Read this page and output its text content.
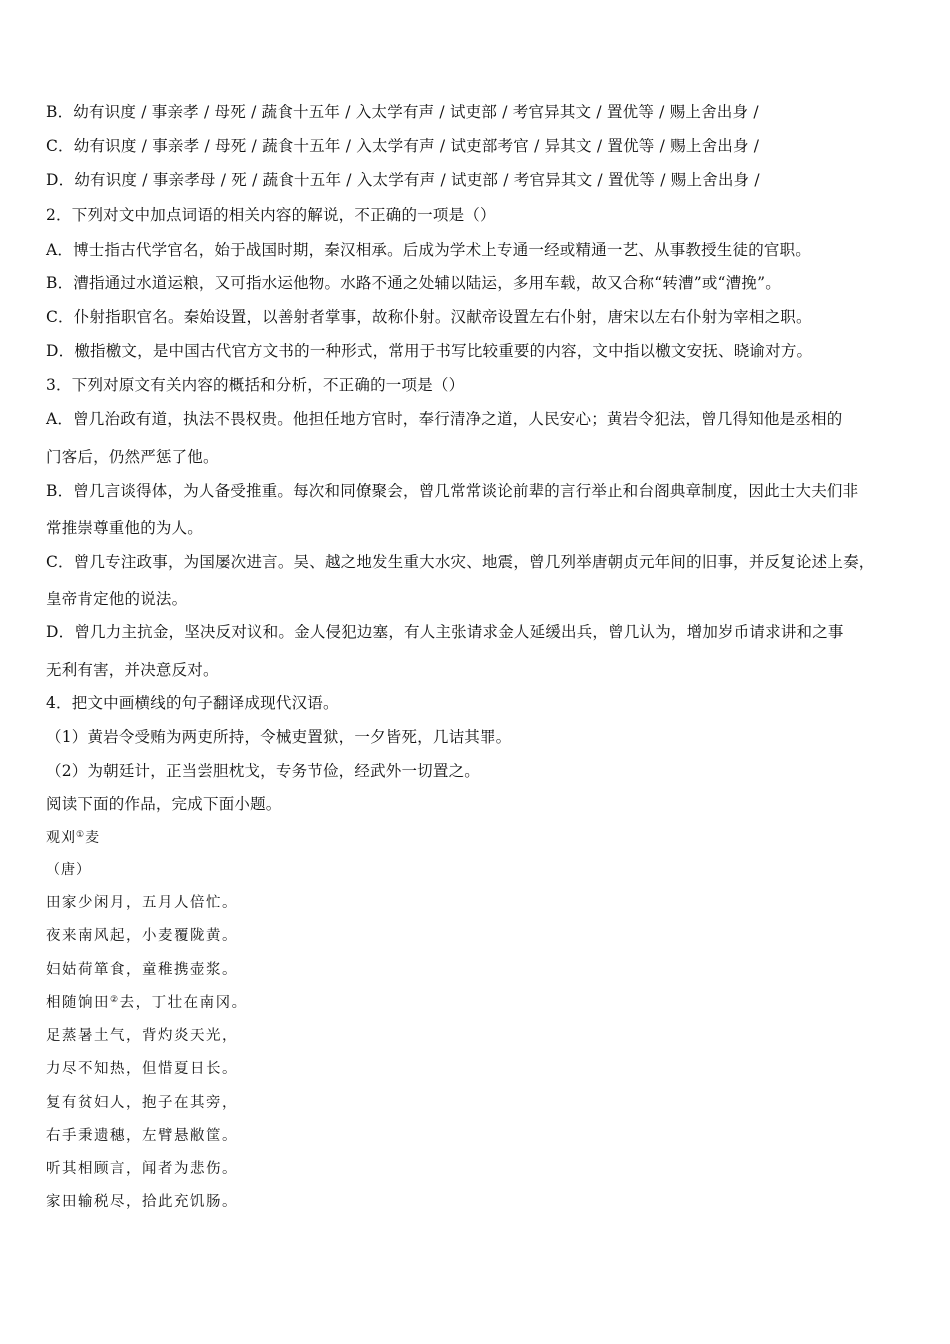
B．幼有识度 / 事亲孝 / 母死 / 蔬食十五年 / 入太学有声 / 试吏部 / 考官异其文 / 置优等 / 赐上舍出身 /
C．幼有识度 / 事亲孝 / 母死 / 蔬食十五年 / 入太学有声 / 试吏部考官 / 异其文 / 置优等 / 赐上舍出身 /
D．幼有识度 / 事亲孝母 / 死 / 蔬食十五年 / 入太学有声 / 试吏部 / 考官异其文 / 置优等 / 赐上舍出身 /
2．下列对文中加点词语的相关内容的解说，不正确的一项是（）
A．博士指古代学官名，始于战国时期，秦汉相承。后成为学术上专通一经或精通一艺、从事教授生徒的官职。
B．漕指通过水道运粮，又可指水运他物。水路不通之处辅以陆运，多用车载，故又合称“转漕”或“漕挽”。
C．仆射指职官名。秦始设置，以善射者掌事，故称仆射。汉献帝设置左右仆射，唐宋以左右仆射为宰相之职。
D．檄指檄文，是中国古代官方文书的一种形式，常用于书写比较重要的内容，文中指以檄文安抚、晓谕对方。
3．下列对原文有关内容的概括和分析，不正确的一项是（）
A．曾几治政有道，执法不畏权贵。他担任地方官时，奉行清净之道，人民安心；黄岩令犯法，曾几得知他是丞相的
门客后，仍然严惩了他。
B．曾几言谈得体，为人备受推重。每次和同僚聚会，曾几常常谈论前辈的言行举止和台阁典章制度，因此士大夫们非
常推崇尊重他的为人。
C．曾几专注政事，为国屡次进言。吴、越之地发生重大水灾、地震，曾几列举唐朝贞元年间的旧事，并反复论述上奏，
皇帝肯定他的说法。
D．曾几力主抗金，坚决反对议和。金人侵犯边塞，有人主张请求金人延缓出兵，曾几认为，增加岁币请求讲和之事
无利有害，并决意反对。
4．把文中画横线的句子翻译成现代汉语。
（1）黄岩令受贿为两吏所持，令械吏置狱，一夕皆死，几诘其罪。
（2）为朝廷计，正当尝胆枕戈，专务节俭，经武外一切置之。
阅读下面的作品，完成下面小题。
观刈①麦
（唐）
田家少闲月，五月人倍忙。
夜来南风起，小麦覆陇黄。
妇姑荷箪食，童稚携壶浆。
相随饷田②去，丁壮在南冈。
足蒸暑土气，背灼炎天光，
力尽不知热，但惜夏日长。
复有贫妇人，抱子在其旁，
右手秉遗穗，左臂悬敝筐。
听其相顾言，闻者为悲伤。
家田输税尽，拾此充饥肠。
